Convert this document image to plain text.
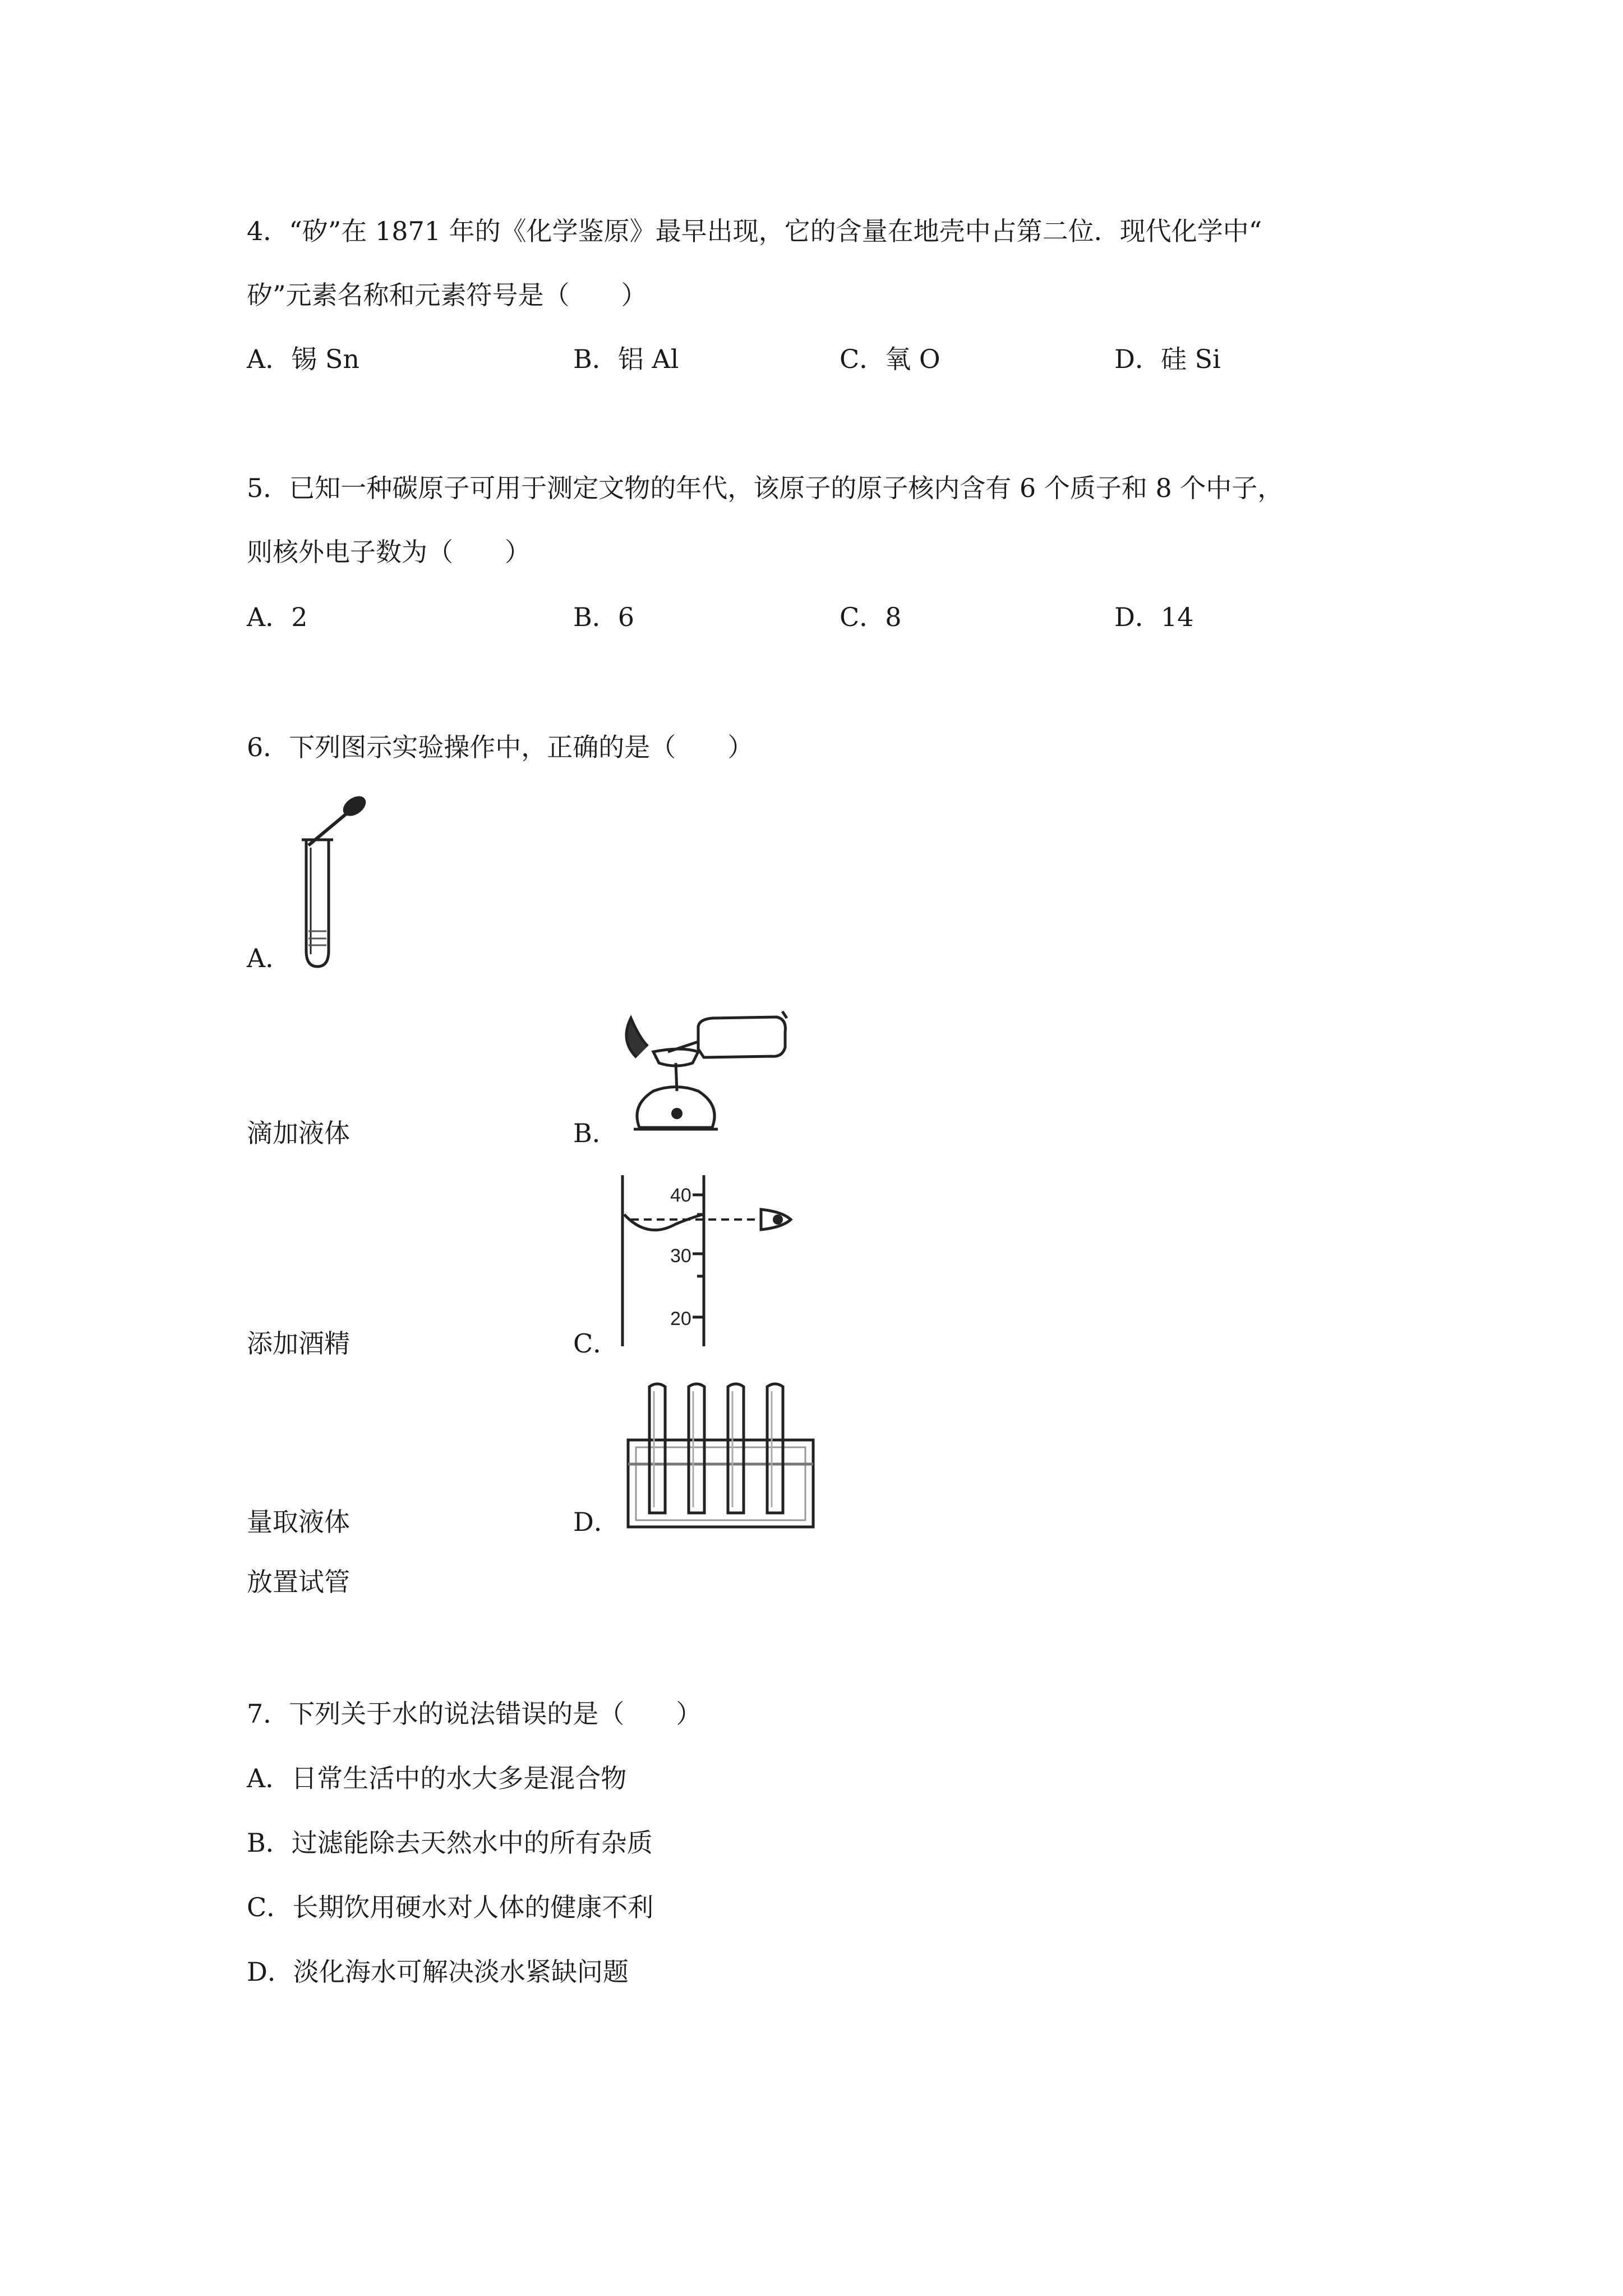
4．“矽”在 1871 年的《化学鉴原》最早出现，它的含量在地壳中占第二位．现代化学中“
矽”元素名称和元素符号是（　　）
A．锡 Sn	B．铝 Al	C．氧 O	D．硅 Si
5．已知一种碳原子可用于测定文物的年代，该原子的原子核内含有 6 个质子和 8 个中子，
则核外电子数为（　　）
A．2	B．6	C．8	D．14
6．下列图示实验操作中，正确的是（　　）
A．
滴加液体	B．
添加酒精
40
30
20
C．
量取液体	D．
放置试管
7．下列关于水的说法错误的是（　　）
A．日常生活中的水大多是混合物
B．过滤能除去天然水中的所有杂质
C．长期饮用硬水对人体的健康不利
D．淡化海水可解决淡水紧缺问题
